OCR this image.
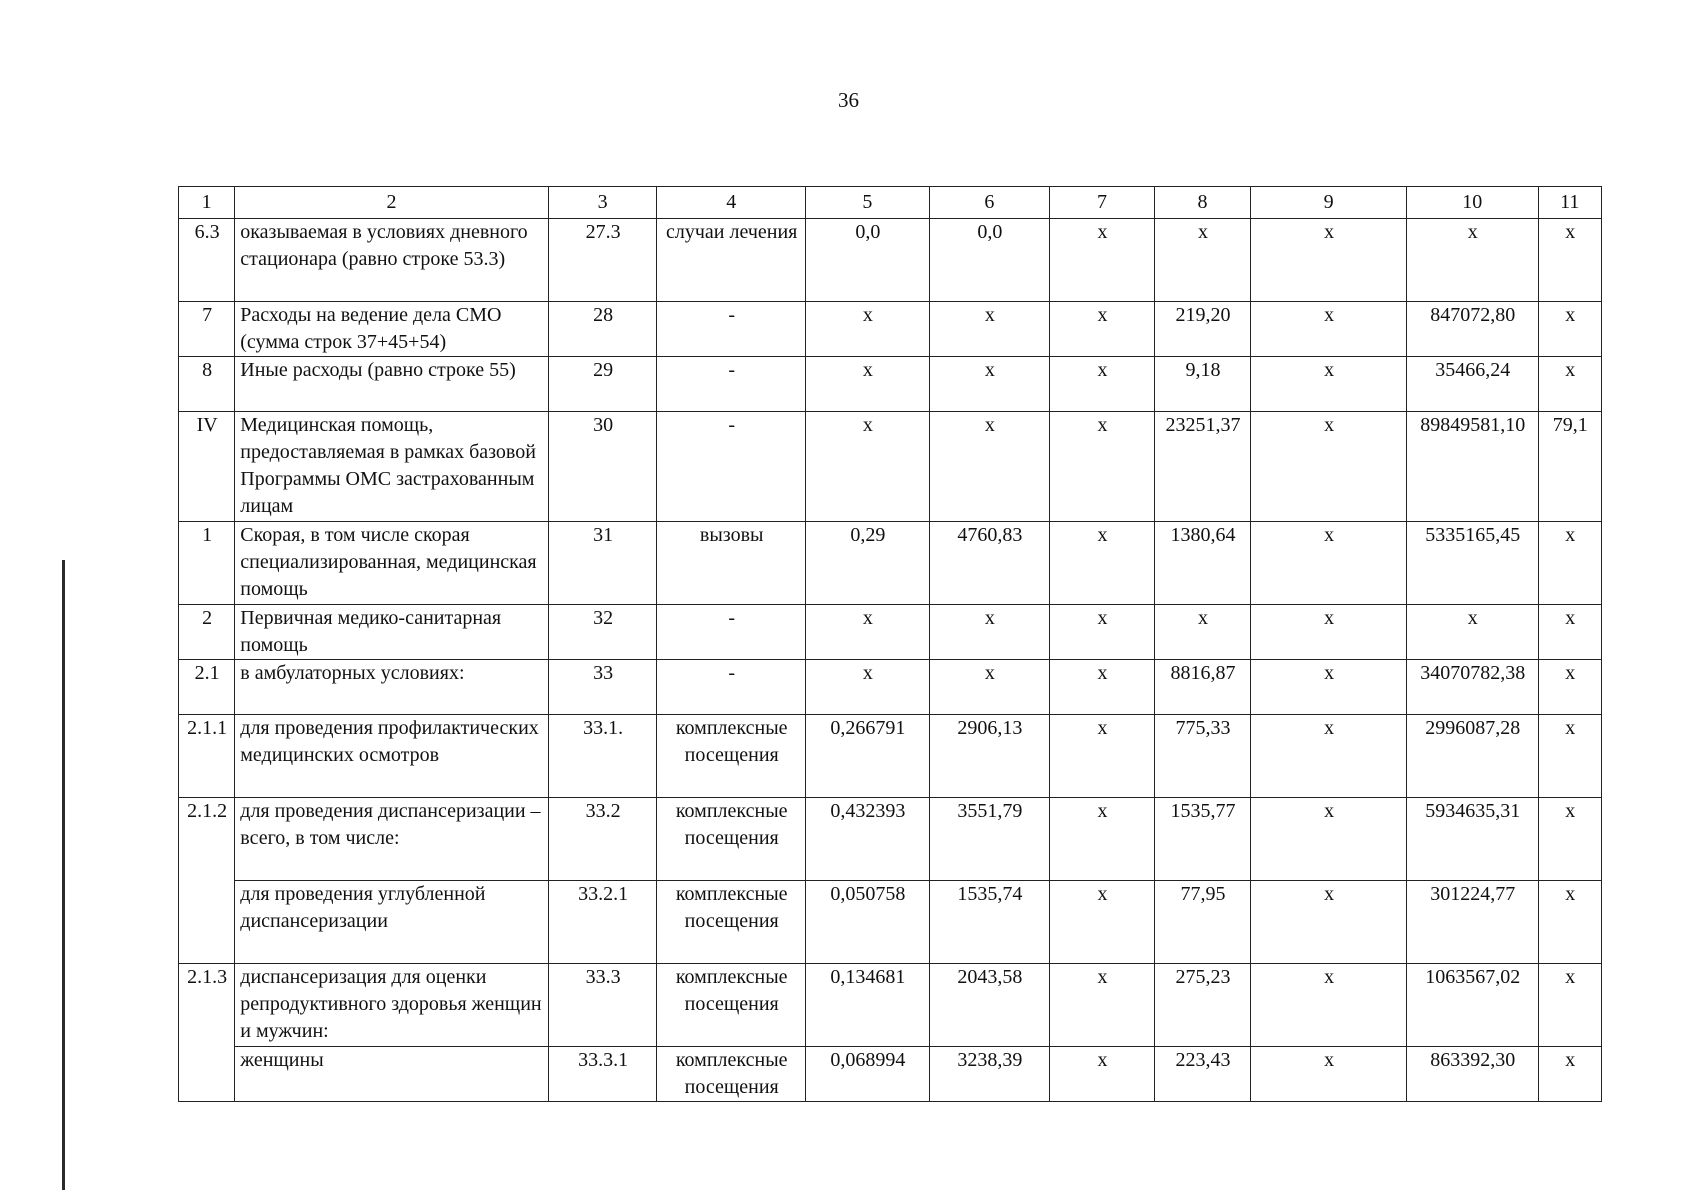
36
1	2	3	4	5	6	7	8	9	10	11
6.3	оказываемая в условиях дневного стационара (равно строке 53.3)	27.3	случаи лечения	0,0	0,0	х	х	х	х	х
7	Расходы на ведение дела СМО (сумма строк 37+45+54)	28	-	х	х	х	219,20	х	847072,80	х
8	Иные расходы (равно строке 55)	29	-	х	х	х	9,18	х	35466,24	х
IV	Медицинская помощь, предоставляемая в рамках базовой Программы ОМС застрахованным лицам	30	-	х	х	х	23251,37	х	89849581,10	79,1
1	Скорая, в том числе скорая специализированная, медицинская помощь	31	вызовы	0,29	4760,83	х	1380,64	х	5335165,45	х
2	Первичная медико-санитарная помощь	32	-	х	х	х	х	х	х	х
2.1	в амбулаторных условиях:	33	-	х	х	х	8816,87	х	34070782,38	х
2.1.1	для проведения профилактических медицинских осмотров	33.1.	комплексные посещения	0,266791	2906,13	х	775,33	х	2996087,28	х
2.1.2	для проведения диспансеризации – всего, в том числе:	33.2	комплексные посещения	0,432393	3551,79	х	1535,77	х	5934635,31	х
	для проведения углубленной диспансеризации	33.2.1	комплексные посещения	0,050758	1535,74	х	77,95	х	301224,77	х
2.1.3	диспансеризация для оценки репродуктивного здоровья женщин и мужчин:	33.3	комплексные посещения	0,134681	2043,58	х	275,23	х	1063567,02	х
	женщины	33.3.1	комплексные посещения	0,068994	3238,39	х	223,43	х	863392,30	х
